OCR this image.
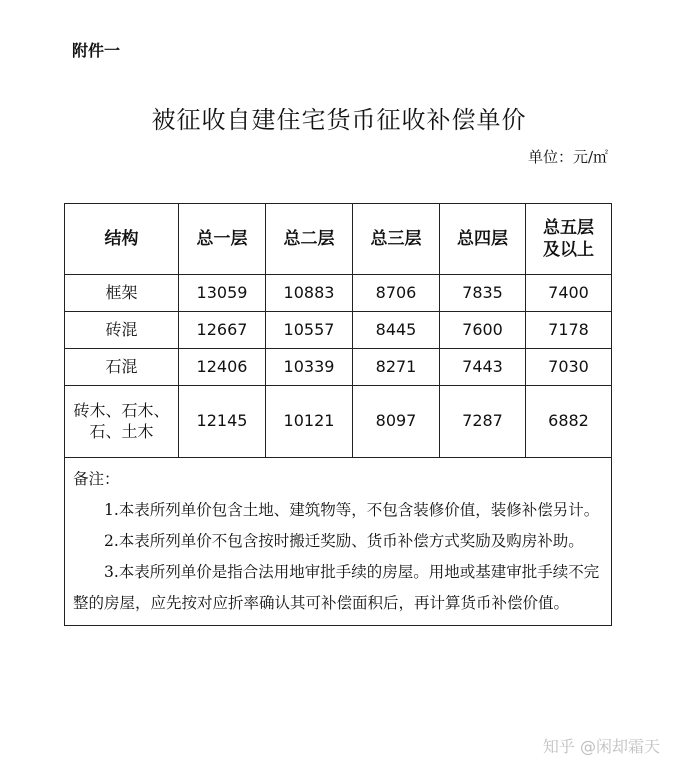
附件一
被征收自建住宅货币征收补偿单价
单位：元/㎡
结构	总一层	总二层	总三层	总四层	总五层
及以上
框架	13059	10883	8706	7835	7400
砖混	12667	10557	8445	7600	7178
石混	12406	10339	8271	7443	7030
砖木、石木、
石、土木	12145	10121	8097	7287	6882

备注：
1.本表所列单价包含土地、建筑物等，不包含装修价值，装修补偿另计。
2.本表所列单价不包含按时搬迁奖励、货币补偿方式奖励及购房补助。
3.本表所列单价是指合法用地审批手续的房屋。用地或基建审批手续不完整的房屋，应先按对应折率确认其可补偿面积后，再计算货币补偿价值。					
知乎 @闲却霜天
